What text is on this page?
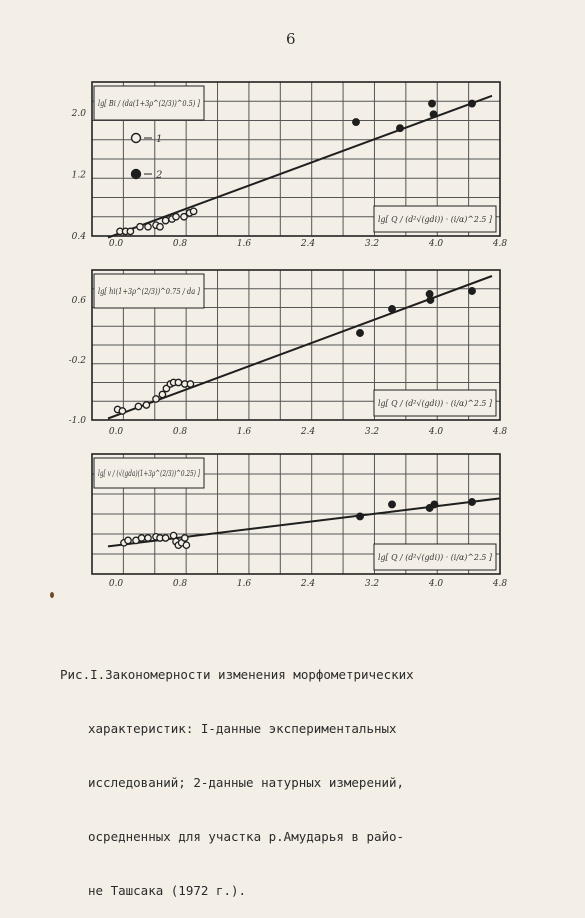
6
0.0	0.8	1.6	2.4	3.2	4.0	4.8
0.4
1.2
2.0
lg[ Bi / (da(1+3ρ^(2/3))^0.5) ]
lg[ Q / (d²√(gdi)) · (i/α)^2.5 ]
1
2
0.0	0.8	1.6	2.4	3.2	4.0	4.8
-1.0
-0.2
0.6
lg[ hi(1+3ρ^(2/3))^0.75 / da ]
lg[ Q / (d²√(gdi)) · (i/α)^2.5 ]
0.0	0.8	1.6	2.4	3.2	4.0	4.8
lg[ v / (√(gda)(1+3ρ^(2/3))^0.25) ]
lg[ Q / (d²√(gdi)) · (i/α)^2.5 ]

Рис.I.Закономерности изменения морфометрических

характеристик: I-данные экспериментальных

исследований; 2-данные натурных измерений,

осредненных для участка р.Амударья в райо-

не Ташсака (1972 г.).
